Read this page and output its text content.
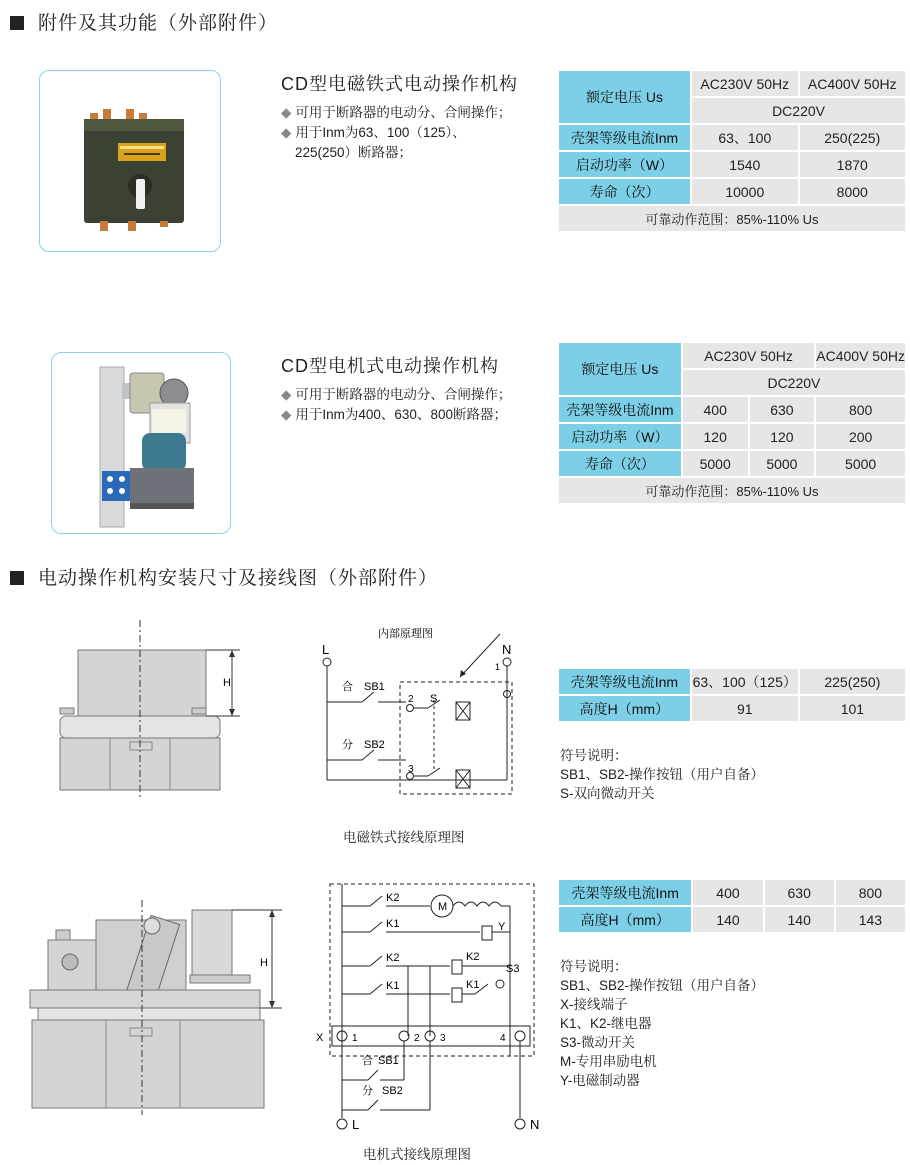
附件及其功能（外部附件）
CD型电磁铁式电动操作机构
◆ 可用于断路器的电动分、合闸操作；
◆ 用于Inm为63、100（125）、
225(250）断路器；
额定电压 Us	AC230V 50Hz	AC400V 50Hz
	DC220V	
壳架等级电流Inm	63、100	250(225)
启动功率（W）	1540	1870
寿命（次）	10000	8000
可靠动作范围：85%-110% Us		
CD型电机式电动操作机构
◆ 可用于断路器的电动分、合闸操作；
◆ 用于Inm为400、630、800断路器；
额定电压 Us	AC230V 50Hz		AC400V 50Hz
	DC220V		
壳架等级电流Inm	400	630	800
启动功率（W）	120	120	200
寿命（次）	5000	5000	5000
可靠动作范围：85%-110% Us			
电动操作机构安装尺寸及接线图（外部附件）
H
内部原理图
L	N
合 SB1
分 SB2
S
2
3
1
电磁铁式接线原理图
壳架等级电流Inm	63、100（125）	225(250)
高度H（mm）	91	101
符号说明：
SB1、SB2-操作按钮（用户自备）
S-双向微动开关
H
K2
K1
M
Y
K2	K2
K1	K1
S3
X	1	2 3	4
合 SB1
分 SB2
L	N
电机式接线原理图
壳架等级电流Inm	400	630	800
高度H（mm）	140	140	143
符号说明：
SB1、SB2-操作按钮（用户自备）
X-接线端子
K1、K2-继电器
S3-微动开关
M-专用串励电机
Y-电磁制动器
